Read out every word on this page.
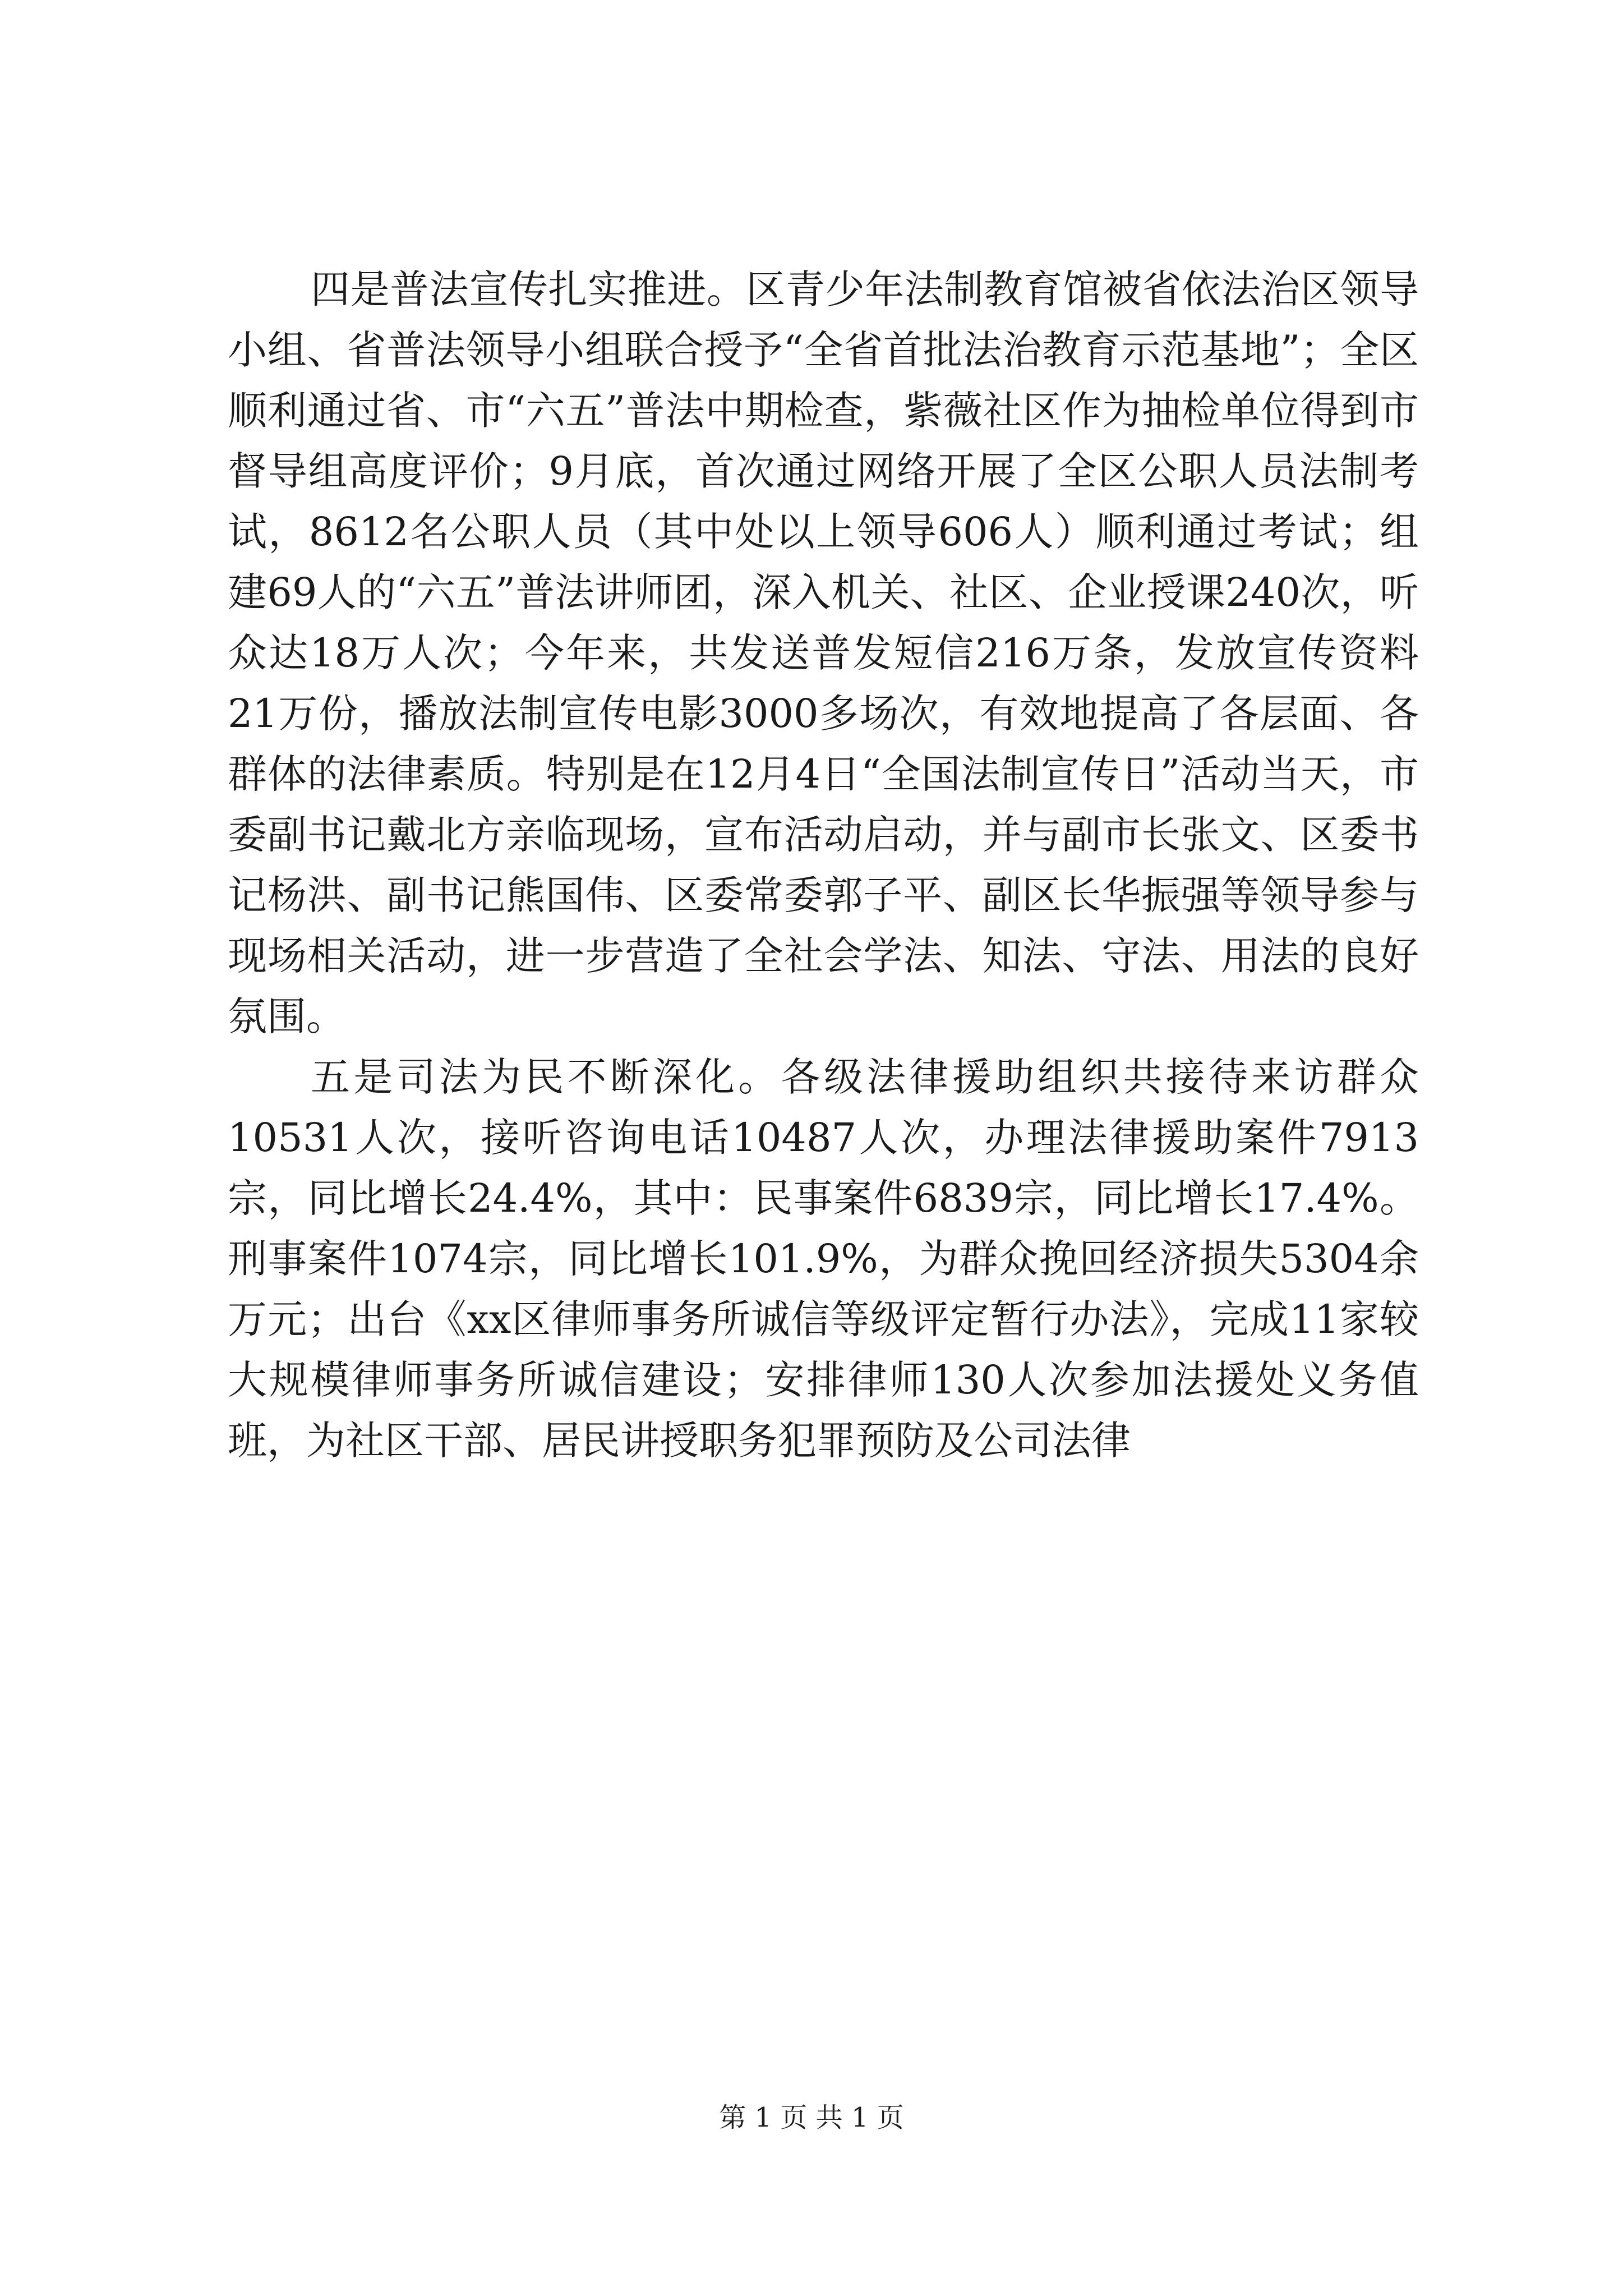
四是普法宣传扎实推进。区青少年法制教育馆被省依法治区领导小组、省普法领导小组联合授予“全省首批法治教育示范基地”；全区顺利通过省、市“六五”普法中期检查，紫薇社区作为抽检单位得到市督导组高度评价；9月底，首次通过网络开展了全区公职人员法制考试，8612名公职人员（其中处以上领导606人）顺利通过考试；组建69人的“六五”普法讲师团，深入机关、社区、企业授课240次，听众达18万人次；今年来，共发送普发短信216万条，发放宣传资料21万份，播放法制宣传电影3000多场次，有效地提高了各层面、各群体的法律素质。特别是在12月4日“全国法制宣传日”活动当天，市委副书记戴北方亲临现场，宣布活动启动，并与副市长张文、区委书记杨洪、副书记熊国伟、区委常委郭子平、副区长华振强等领导参与现场相关活动，进一步营造了全社会学法、知法、守法、用法的良好氛围。

五是司法为民不断深化。各级法律援助组织共接待来访群众10531人次，接听咨询电话10487人次，办理法律援助案件7913宗，同比增长24.4%，其中：民事案件6839宗，同比增长17.4%。刑事案件1074宗，同比增长101.9%，为群众挽回经济损失5304余万元；出台《xx区律师事务所诚信等级评定暂行办法》，完成11家较大规模律师事务所诚信建设；安排律师130人次参加法援处义务值班，为社区干部、居民讲授职务犯罪预防及公司法律

第 1 页 共 1 页
